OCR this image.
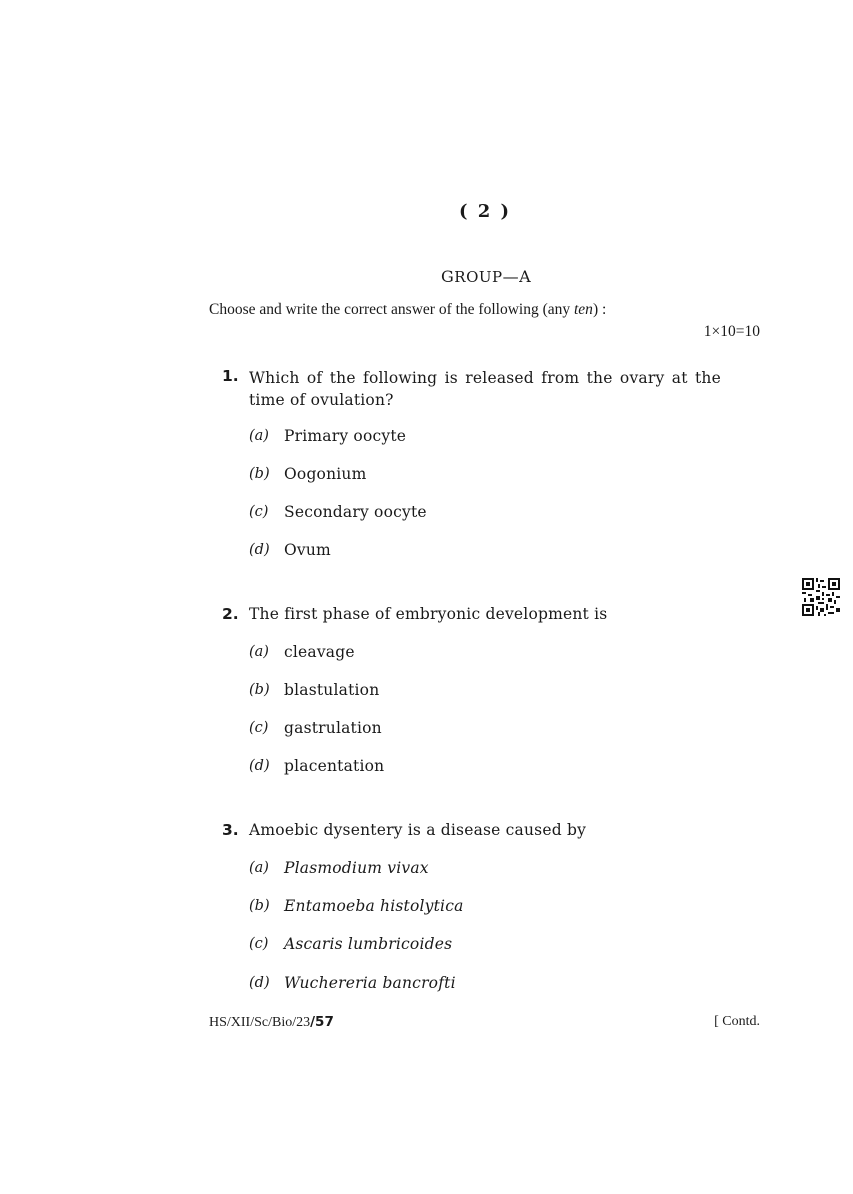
( 2 )
GROUP—A
Choose and write the correct answer of the following (any ten) :
1×10=10
1. Which of the following is released from the ovary at the time of ovulation?
(a) Primary oocyte
(b) Oogonium
(c) Secondary oocyte
(d) Ovum
2. The first phase of embryonic development is
(a) cleavage
(b) blastulation
(c) gastrulation
(d) placentation
3. Amoebic dysentery is a disease caused by
(a) Plasmodium vivax
(b) Entamoeba histolytica
(c) Ascaris lumbricoides
(d) Wuchereria bancrofti
HS/XII/Sc/Bio/23/57	[ Contd.
